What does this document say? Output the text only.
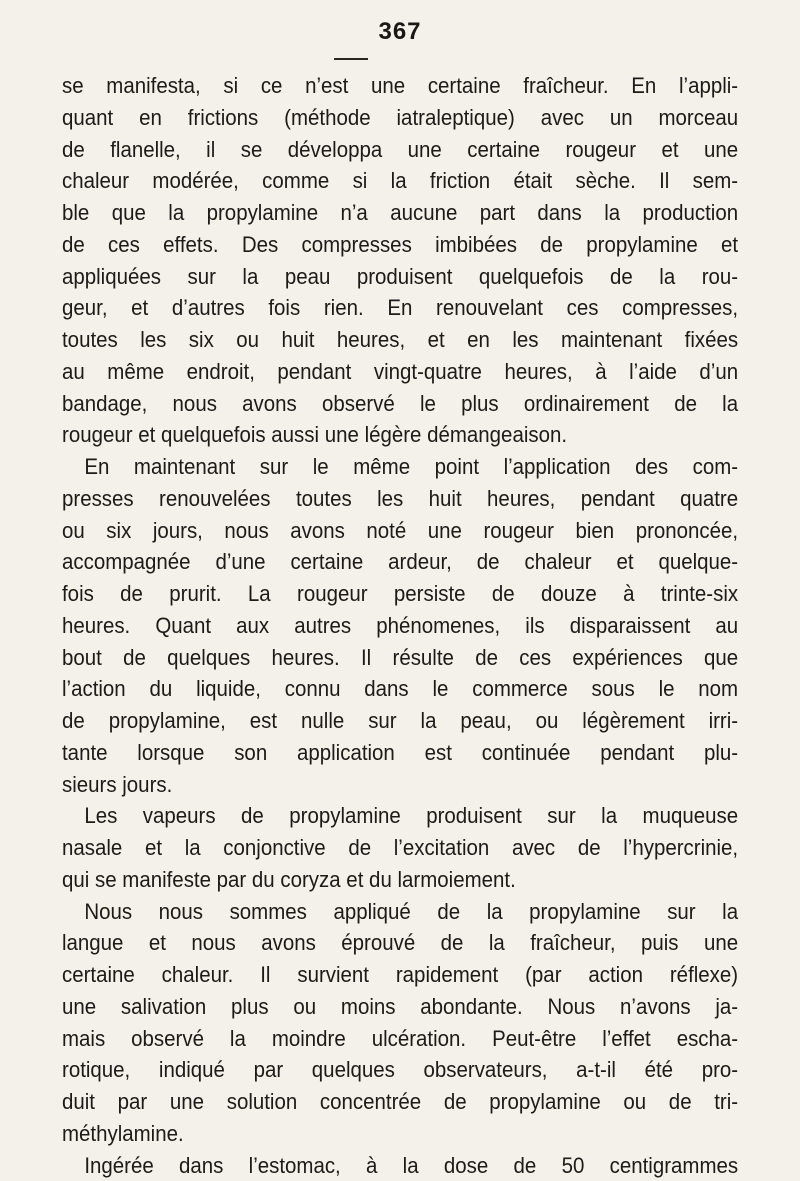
367
se manifesta, si ce n’est une certaine fraîcheur. En l’appli-
quant en frictions (méthode iatraleptique) avec un morceau
de flanelle, il se développa une certaine rougeur et une
chaleur modérée, comme si la friction était sèche. Il sem-
ble que la propylamine n’a aucune part dans la production
de ces effets. Des compresses imbibées de propylamine et
appliquées sur la peau produisent quelquefois de la rou-
geur, et d’autres fois rien. En renouvelant ces compresses,
toutes les six ou huit heures, et en les maintenant fixées
au même endroit, pendant vingt-quatre heures, à l’aide d’un
bandage, nous avons observé le plus ordinairement de la
rougeur et quelquefois aussi une légère démangeaison.
En maintenant sur le même point l’application des com-
presses renouvelées toutes les huit heures, pendant quatre
ou six jours, nous avons noté une rougeur bien prononcée,
accompagnée d’une certaine ardeur, de chaleur et quelque-
fois de prurit. La rougeur persiste de douze à trinte-six
heures. Quant aux autres phénomenes, ils disparaissent au
bout de quelques heures. Il résulte de ces expériences que
l’action du liquide, connu dans le commerce sous le nom
de propylamine, est nulle sur la peau, ou légèrement irri-
tante lorsque son application est continuée pendant plu-
sieurs jours.
Les vapeurs de propylamine produisent sur la muqueuse
nasale et la conjonctive de l’excitation avec de l’hypercrinie,
qui se manifeste par du coryza et du larmoiement.
Nous nous sommes appliqué de la propylamine sur la
langue et nous avons éprouvé de la fraîcheur, puis une
certaine chaleur. Il survient rapidement (par action réflexe)
une salivation plus ou moins abondante. Nous n’avons ja-
mais observé la moindre ulcération. Peut-être l’effet escha-
rotique, indiqué par quelques observateurs, a-t-il été pro-
duit par une solution concentrée de propylamine ou de tri-
méthylamine.
Ingérée dans l’estomac, à la dose de 50 centigrammes
